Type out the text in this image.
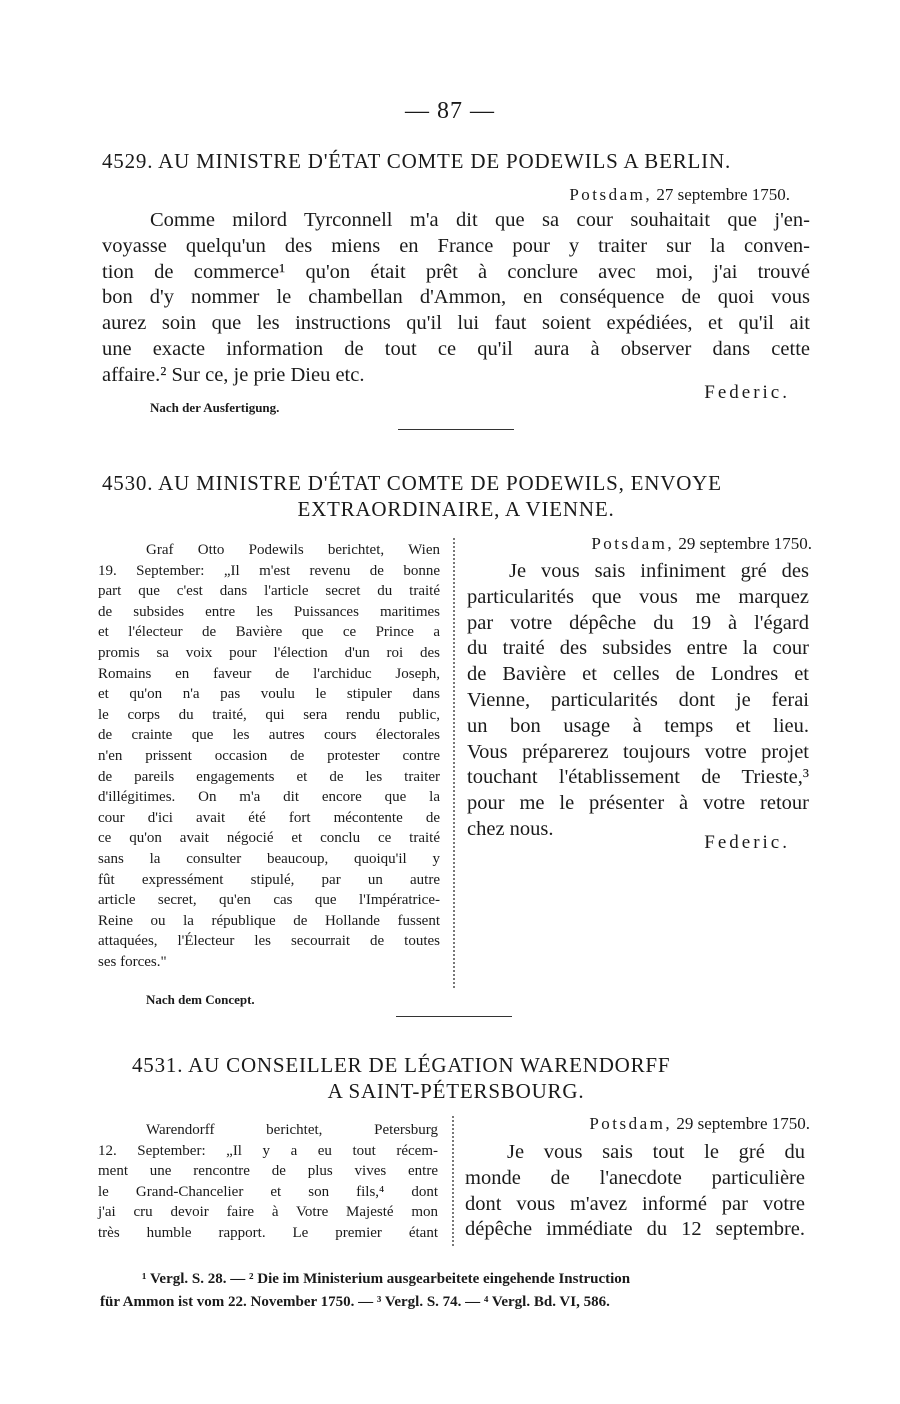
— 87 —
4529. AU MINISTRE D'ÉTAT COMTE DE PODEWILS A BERLIN.
Potsdam, 27 septembre 1750.
Comme milord Tyrconnell m'a dit que sa cour souhaitait que j'en-
voyasse quelqu'un des miens en France pour y traiter sur la conven-
tion de commerce¹ qu'on était prêt à conclure avec moi, j'ai trouvé
bon d'y nommer le chambellan d'Ammon, en conséquence de quoi vous
aurez soin que les instructions qu'il lui faut soient expédiées, et qu'il ait
une exacte information de tout ce qu'il aura à observer dans cette
affaire.² Sur ce, je prie Dieu etc.
Federic.
Nach der Ausfertigung.
4530. AU MINISTRE D'ÉTAT COMTE DE PODEWILS, ENVOYE
EXTRAORDINAIRE, A VIENNE.
Graf Otto Podewils berichtet, Wien
19. September: „Il m'est revenu de bonne
part que c'est dans l'article secret du traité
de subsides entre les Puissances maritimes
et l'électeur de Bavière que ce Prince a
promis sa voix pour l'élection d'un roi des
Romains en faveur de l'archiduc Joseph,
et qu'on n'a pas voulu le stipuler dans
le corps du traité, qui sera rendu public,
de crainte que les autres cours électorales
n'en prissent occasion de protester contre
de pareils engagements et de les traiter
d'illégitimes. On m'a dit encore que la
cour d'ici avait été fort mécontente de
ce qu'on avait négocié et conclu ce traité
sans la consulter beaucoup, quoiqu'il y
fût expressément stipulé, par un autre
article secret, qu'en cas que l'Impératrice-
Reine ou la république de Hollande fussent
attaquées, l'Électeur les secourrait de toutes
ses forces."
Potsdam, 29 septembre 1750.
Je vous sais infiniment gré des
particularités que vous me marquez
par votre dépêche du 19 à l'égard
du traité des subsides entre la cour
de Bavière et celles de Londres et
Vienne, particularités dont je ferai
un bon usage à temps et lieu.
Vous préparerez toujours votre projet
touchant l'établissement de Trieste,³
pour me le présenter à votre retour
chez nous.
Federic.
Nach dem Concept.
4531. AU CONSEILLER DE LÉGATION WARENDORFF
A SAINT-PÉTERSBOURG.
Warendorff berichtet, Petersburg
12. September: „Il y a eu tout récem-
ment une rencontre de plus vives entre
le Grand-Chancelier et son fils,⁴ dont
j'ai cru devoir faire à Votre Majesté mon
très humble rapport. Le premier étant
Potsdam, 29 septembre 1750.
Je vous sais tout le gré du
monde de l'anecdote particulière
dont vous m'avez informé par votre
dépêche immédiate du 12 septembre.
¹ Vergl. S. 28. — ² Die im Ministerium ausgearbeitete eingehende Instruction
für Ammon ist vom 22. November 1750. — ³ Vergl. S. 74. — ⁴ Vergl. Bd. VI, 586.
